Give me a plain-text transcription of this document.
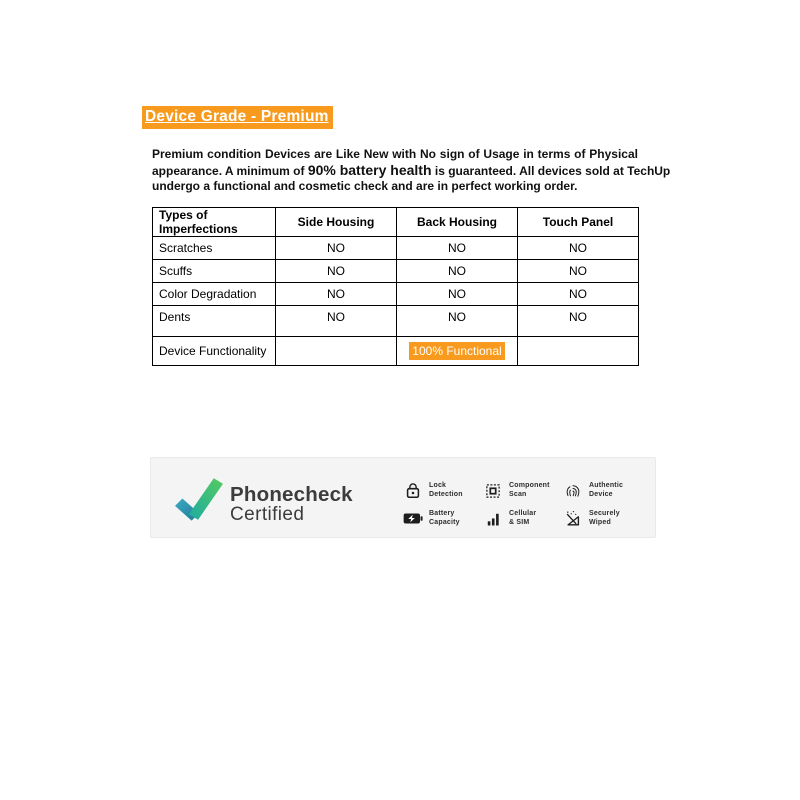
Device Grade - Premium
Premium condition Devices are Like New with No sign of Usage in terms of Physical
appearance. A minimum of 90% battery health is guaranteed. All devices sold at TechUp
undergo a functional and cosmetic check and are in perfect working order.
Types of Imperfections	Side Housing	Back Housing	Touch Panel
Scratches	NO	NO	NO
Scuffs	NO	NO	NO
Color Degradation	NO	NO	NO
Dents	NO	NO	NO
Device Functionality		100% Functional	
Phonecheck
Certified
Lock
Detection
Component
Scan
Authentic
Device
Battery
Capacity
Cellular
& SIM
Securely
Wiped
